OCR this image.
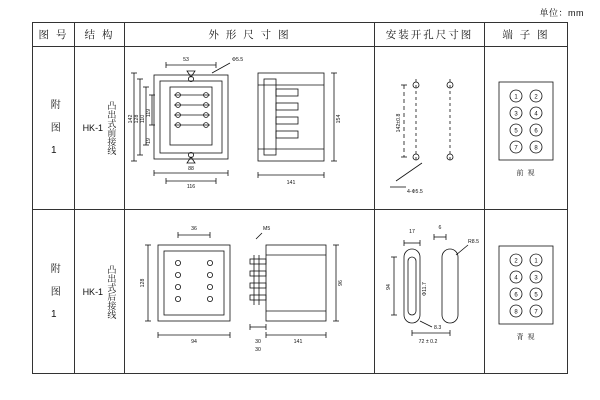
单位：mm
图 号	结 构	外 形 尺 寸 图	安装开孔尺寸图	端 子 图
附 图 1	HK-1 凸出式前接线
53	Ф5.5
142 128 110
119
19
116
88
154
141
142±0.8
4-Ф5.5
1	2
3	4
5	6
7	8
前 视
附 图 1	HK-1 凸出式后接线
36
128
94
M5
96
30
30
141
17
6
R8.5
94	Ф11.7
72 ± 0.2
8.3
2	1
4	3
6	5
8	7
背 视
